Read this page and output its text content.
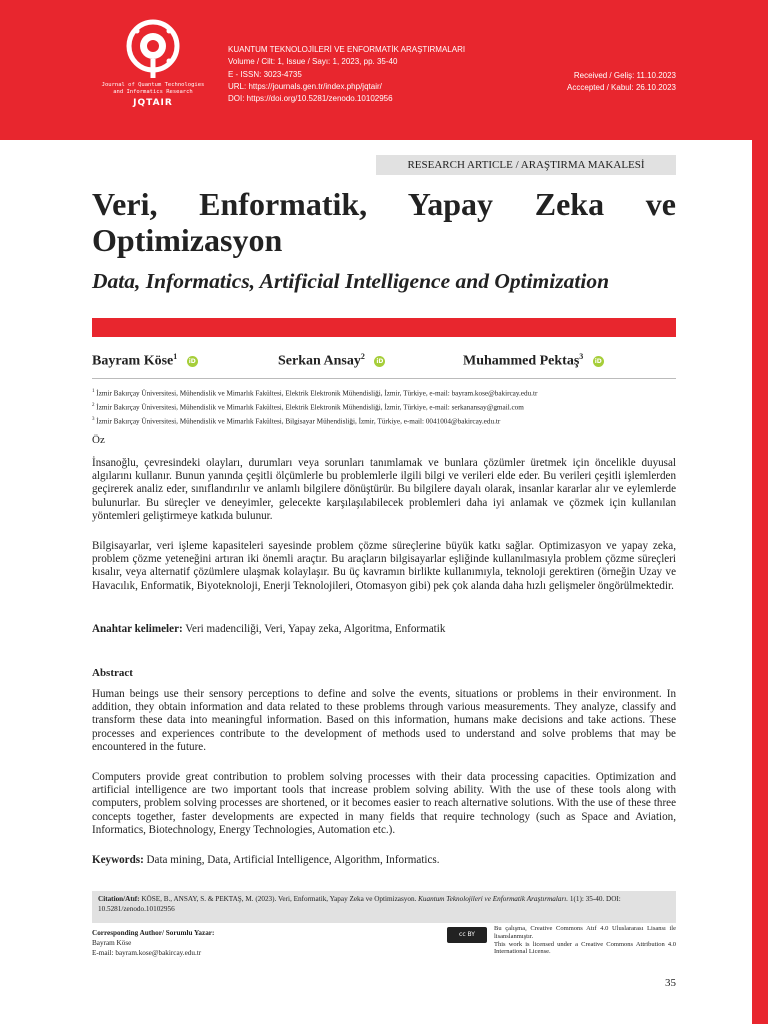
Journal of Quantum Technologies
and Informatics Research
JQTAIR
KUANTUM TEKNOLOJİLERİ VE ENFORMATİK ARAŞTIRMALARI
Volume / Cilt: 1, Issue / Sayı: 1, 2023, pp. 35-40
E - ISSN: 3023-4735
URL: https://journals.gen.tr/index.php/jqtair/
DOI: https://doi.org/10.5281/zenodo.10102956
Received / Geliş: 11.10.2023
Acccepted / Kabul: 26.10.2023
RESEARCH ARTICLE / ARAŞTIRMA MAKALESİ
Veri, Enformatik, Yapay Zeka ve Optimizasyon
Data, Informatics, Artificial Intelligence and Optimization
Bayram Köse$^1$ iD	Serkan Ansay$^2$ iD	Muhammed Pektaş$^3$ iD
$^1$ İzmir Bakırçay Üniversitesi, Mühendislik ve Mimarlık Fakültesi, Elektrik Elektronik Mühendisliği, İzmir, Türkiye, e-mail: bayram.kose@bakircay.edu.tr
$^2$ İzmir Bakırçay Üniversitesi, Mühendislik ve Mimarlık Fakültesi, Elektrik Elektronik Mühendisliği, İzmir, Türkiye, e-mail: serkanansay@gmail.com
$^3$ İzmir Bakırçay Üniversitesi, Mühendislik ve Mimarlık Fakültesi, Bilgisayar Mühendisliği, İzmir, Türkiye, e-mail: 0041004@bakircay.edu.tr
Öz
İnsanoğlu, çevresindeki olayları, durumları veya sorunları tanımlamak ve bunlara çözümler üretmek için öncelikle duyusal algılarını kullanır. Bunun yanında çeşitli ölçümlerle bu problemlerle ilgili bilgi ve verileri elde eder. Bu verileri çeşitli işlemlerden geçirerek analiz eder, sınıflandırılır ve anlamlı bilgilere dönüştürür. Bu bilgilere dayalı olarak, insanlar kararlar alır ve eylemlerde bulunurlar. Bu süreçler ve deneyimler, gelecekte karşılaşılabilecek problemleri daha iyi anlamak ve çözmek için kullanılan yöntemleri geliştirmeye katkıda bulunur.
Bilgisayarlar, veri işleme kapasiteleri sayesinde problem çözme süreçlerine büyük katkı sağlar. Optimizasyon ve yapay zeka, problem çözme yeteneğini artıran iki önemli araçtır. Bu araçların bilgisayarlar eşliğinde kullanılmasıyla problem çözme süreçleri kısalır, veya alternatif çözümlere ulaşmak kolaylaşır. Bu üç kavramın birlikte kullanımıyla, teknoloji gerektiren (örneğin Uzay ve Havacılık, Enformatik, Biyoteknoloji, Enerji Teknolojileri, Otomasyon gibi) pek çok alanda daha hızlı gelişmeler öngörülmektedir.
Anahtar kelimeler: Veri madenciliği, Veri, Yapay zeka, Algoritma, Enformatik
Abstract
Human beings use their sensory perceptions to define and solve the events, situations or problems in their environment. In addition, they obtain information and data related to these problems through various measurements. They analyze, classify and transform these data into meaningful information. Based on this information, humans make decisions and take actions. These processes and experiences contribute to the development of methods used to understand and solve problems that may be encountered in the future.
Computers provide great contribution to problem solving processes with their data processing capacities. Optimization and artificial intelligence are two important tools that increase problem solving ability. With the use of these tools along with computers, problem solving processes are shortened, or it becomes easier to reach alternative solutions. With the use of these three concepts together, faster developments are expected in many fields that require technology (such as Space and Aviation, Informatics, Biotechnology, Energy Technologies, Automation etc.).
Keywords: Data mining, Data, Artificial Intelligence, Algorithm, Informatics.
Citation/Atıf: KÖSE, B., ANSAY, S. & PEKTAŞ, M. (2023). Veri, Enformatik, Yapay Zeka ve Optimizasyon. Kuantum Teknolojileri ve Enformatik Araştırmaları. 1(1): 35-40. DOI: 10.5281/zenodo.10102956
Corresponding Author/ Sorumlu Yazar:
Bayram Köse
E-mail: bayram.kose@bakircay.edu.tr
cc BY
Bu çalışma, Creative Commons Atıf 4.0 Uluslararası Lisansı ile lisanslanmıştır.
This work is licensed under a Creative Commons Attribution 4.0 International License.
35
